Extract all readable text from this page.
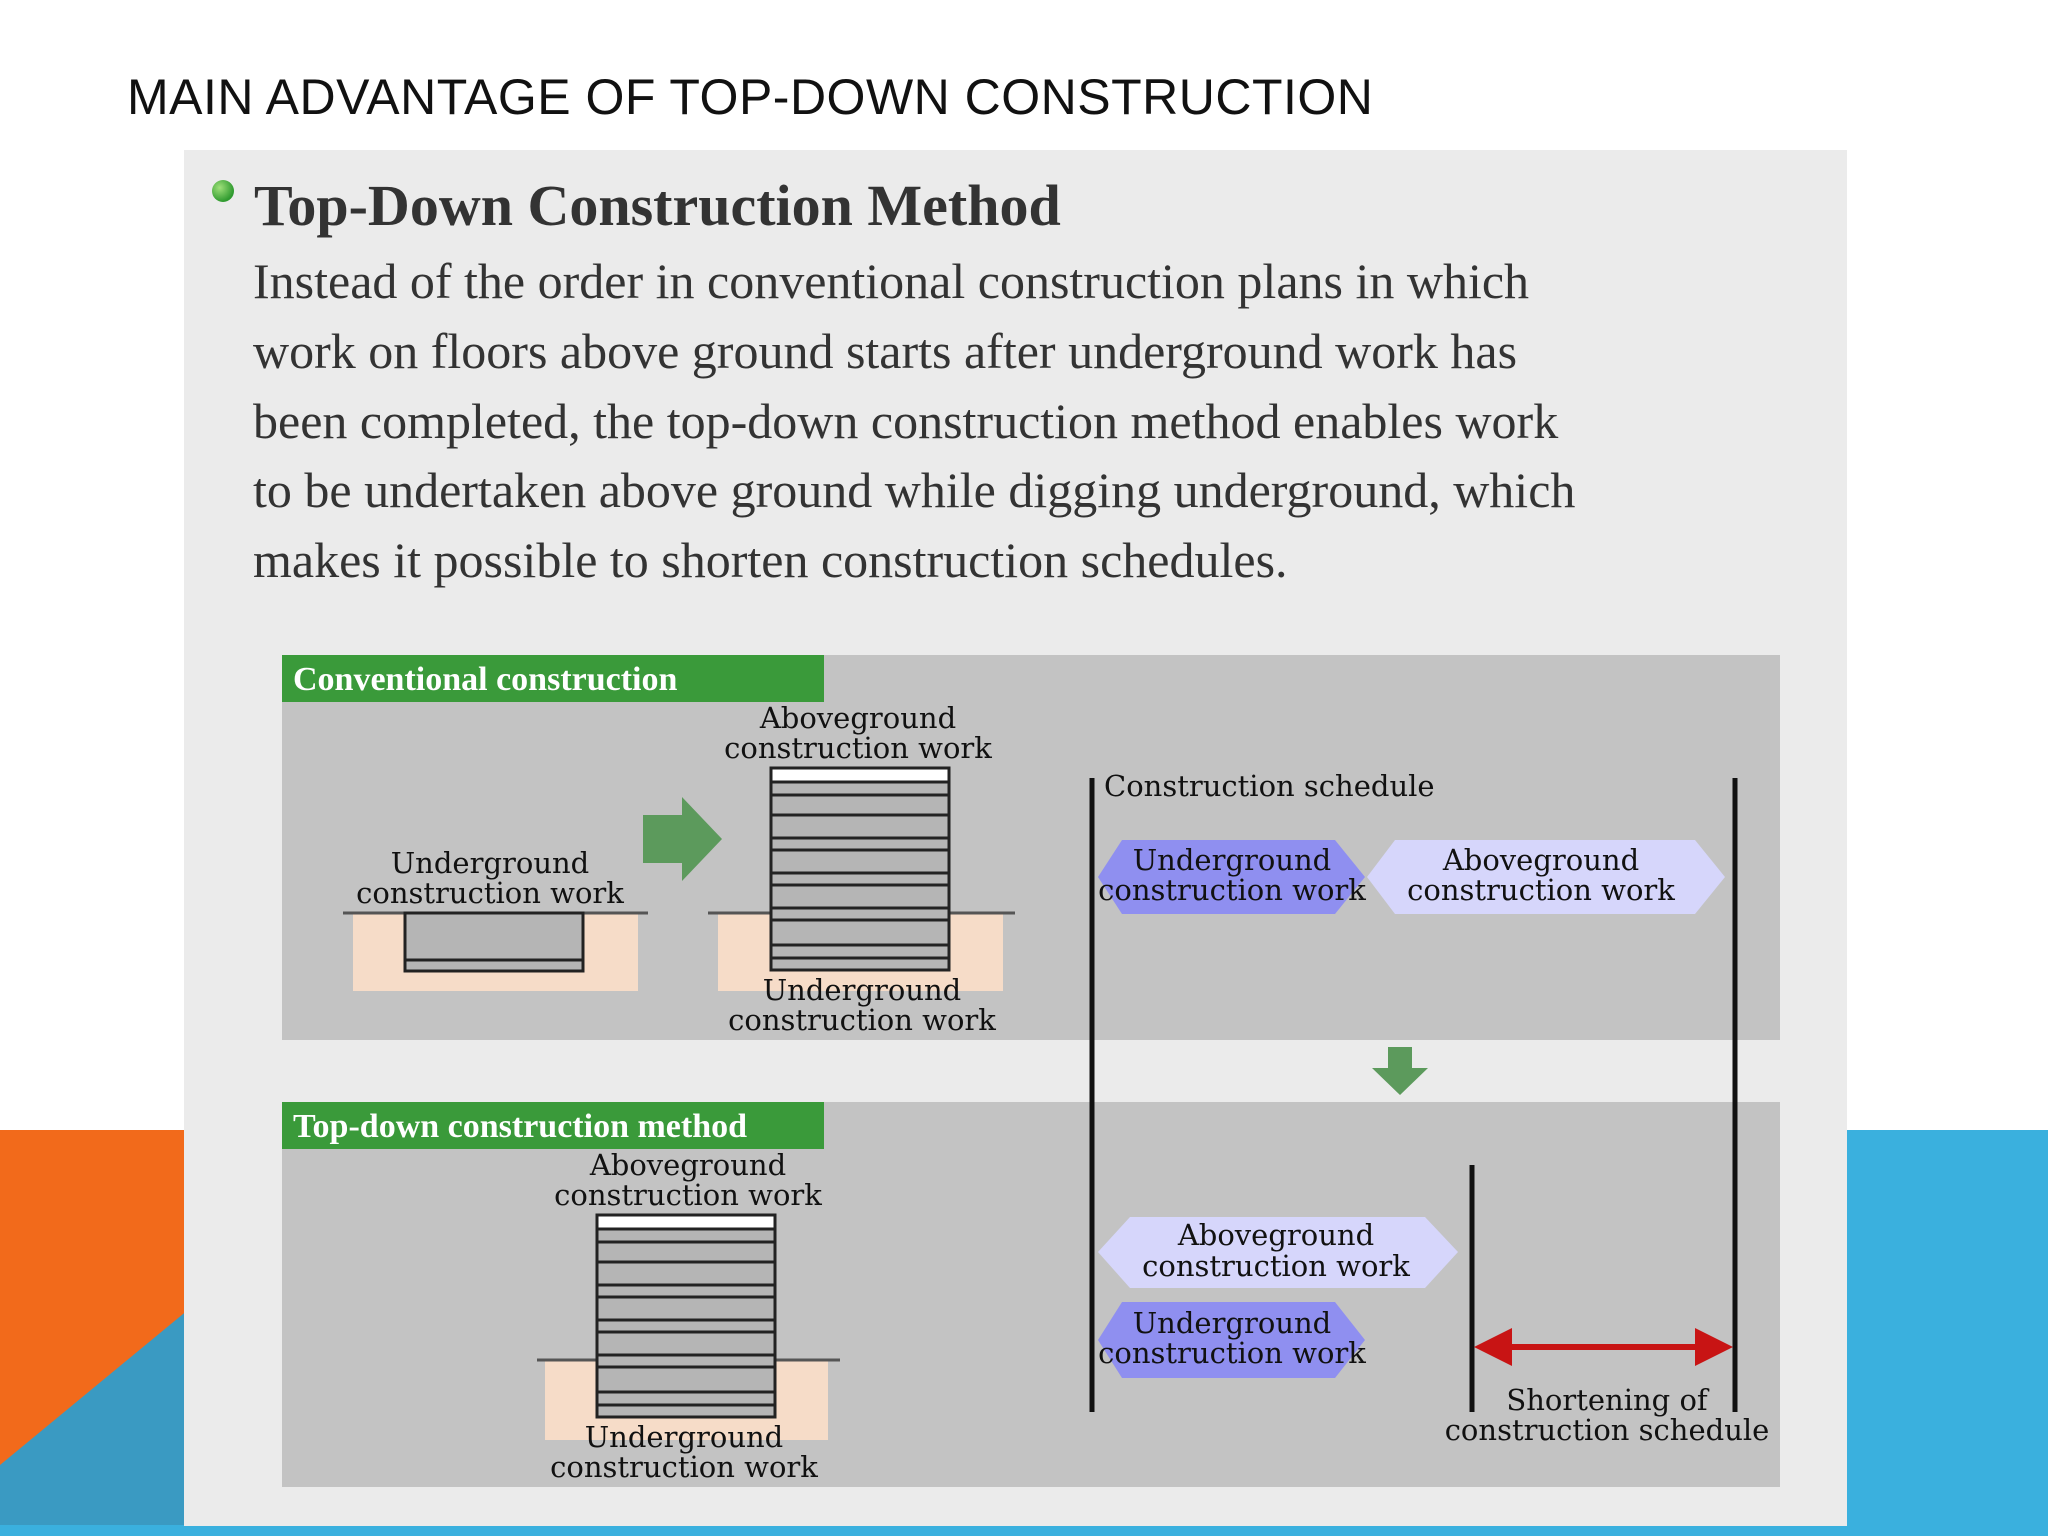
MAIN ADVANTAGE OF TOP-DOWN CONSTRUCTION
Top-Down Construction Method
Instead of the order in conventional construction plans in which
work on floors above ground starts after underground work has
been completed, the top-down construction method enables work
to be undertaken above ground while digging underground, which
makes it possible to shorten construction schedules.
Conventional construction
Top-down construction method
Underground
construction work
Aboveground
construction work
Underground
construction work
Aboveground
construction work
Underground
construction work
Construction schedule
Underground
construction work
Aboveground
construction work
Aboveground
construction work
Underground
construction work
Shortening of
construction schedule
